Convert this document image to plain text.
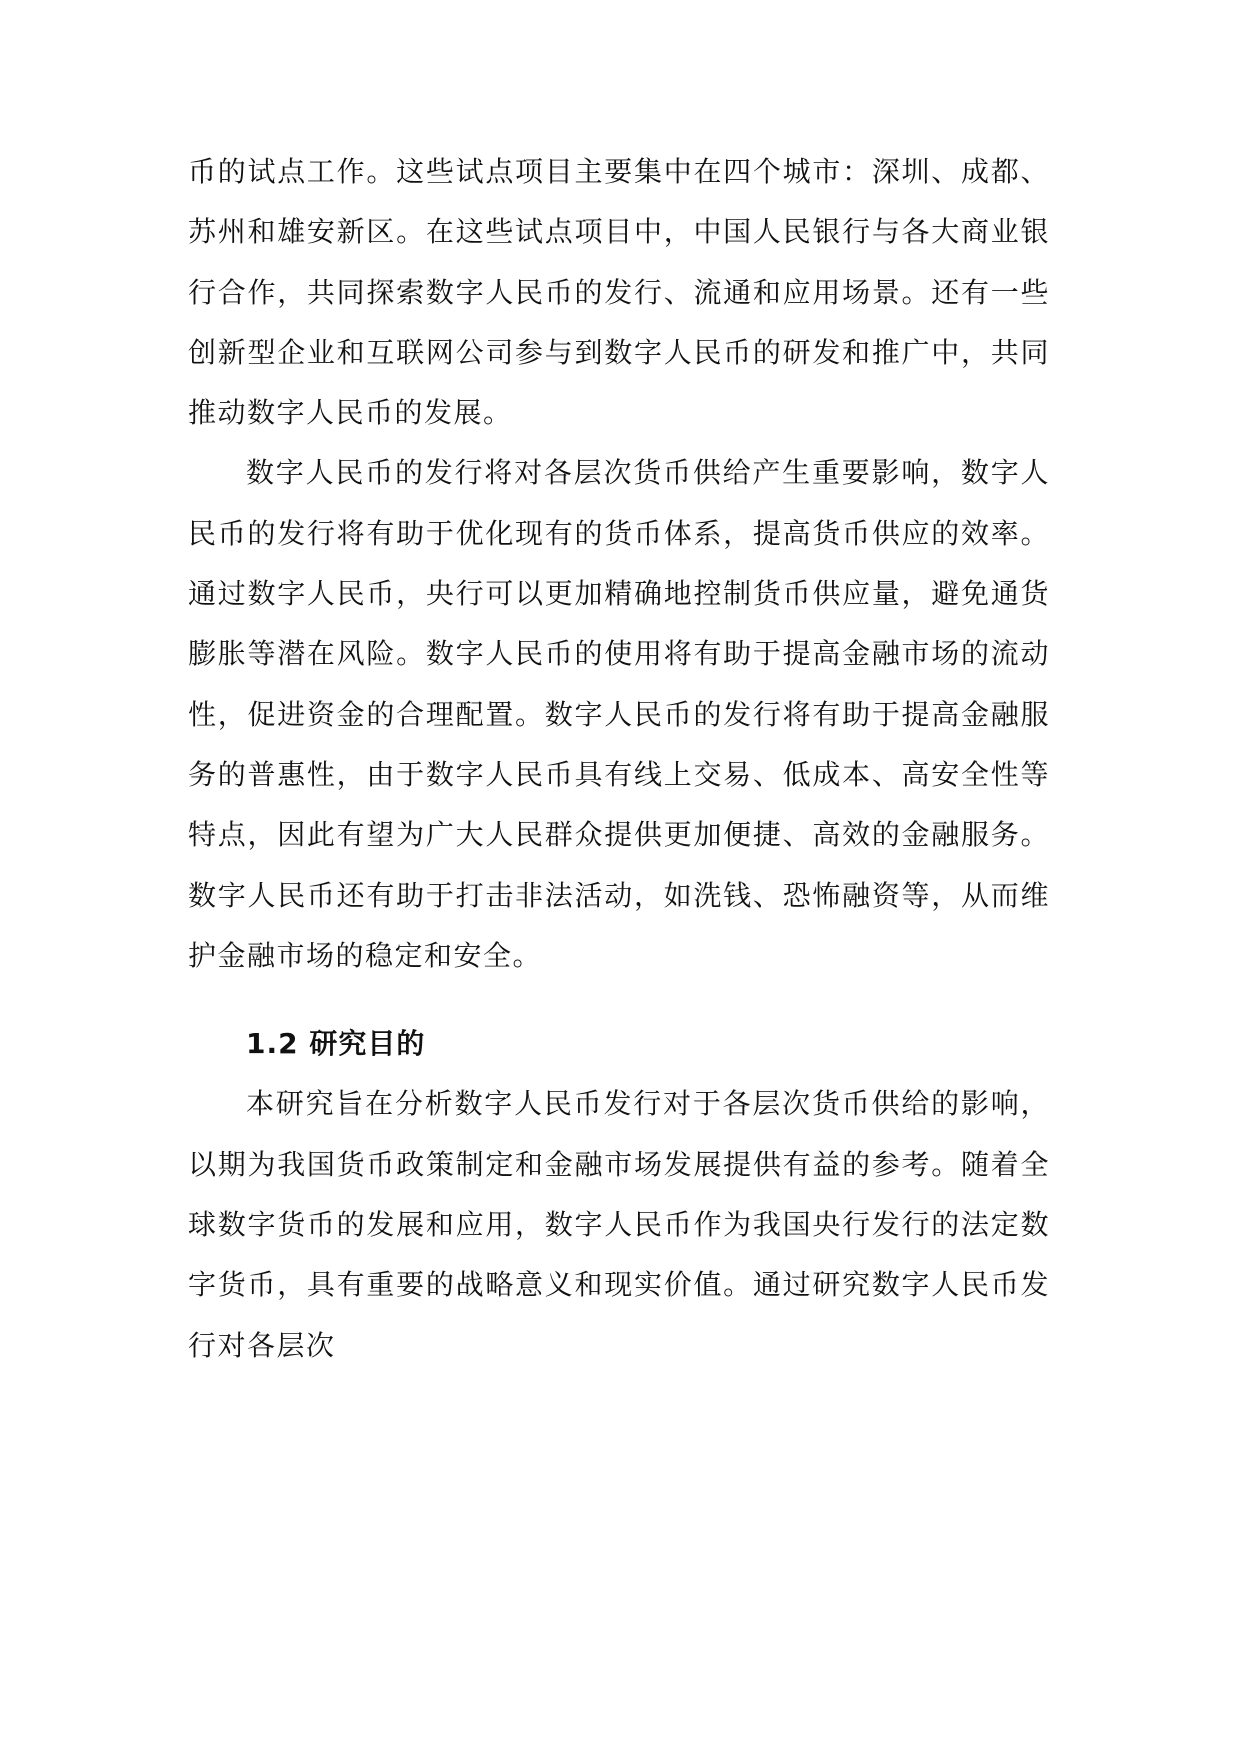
币的试点工作。这些试点项目主要集中在四个城市：深圳、成都、苏州和雄安新区。在这些试点项目中，中国人民银行与各大商业银行合作，共同探索数字人民币的发行、流通和应用场景。还有一些创新型企业和互联网公司参与到数字人民币的研发和推广中，共同推动数字人民币的发展。

数字人民币的发行将对各层次货币供给产生重要影响，数字人民币的发行将有助于优化现有的货币体系，提高货币供应的效率。通过数字人民币，央行可以更加精确地控制货币供应量，避免通货膨胀等潜在风险。数字人民币的使用将有助于提高金融市场的流动性，促进资金的合理配置。数字人民币的发行将有助于提高金融服务的普惠性，由于数字人民币具有线上交易、低成本、高安全性等特点，因此有望为广大人民群众提供更加便捷、高效的金融服务。数字人民币还有助于打击非法活动，如洗钱、恐怖融资等，从而维护金融市场的稳定和安全。

1.2 研究目的

本研究旨在分析数字人民币发行对于各层次货币供给的影响，以期为我国货币政策制定和金融市场发展提供有益的参考。随着全球数字货币的发展和应用，数字人民币作为我国央行发行的法定数字货币，具有重要的战略意义和现实价值。通过研究数字人民币发行对各层次
